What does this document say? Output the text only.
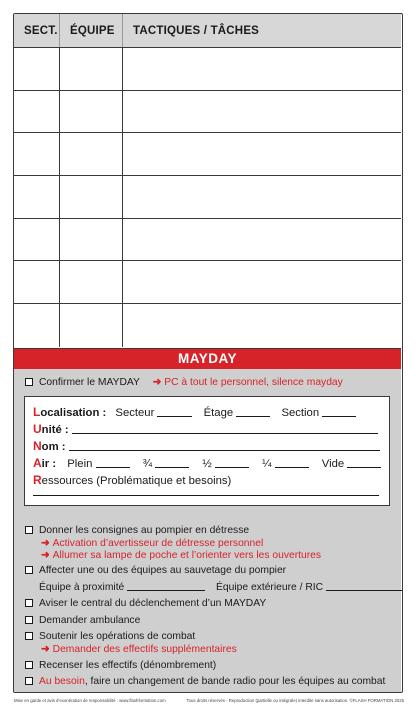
SECT.	ÉQUIPE	TACTIQUES / TÂCHES
MAYDAY
Confirmer le MAYDAY ➜ PC à tout le personnel, silence mayday
Localisation : Secteur	Étage	Section
Unité :
Nom :
Air : Plein	¾	½	¼	Vide
Ressources (Problématique et besoins)
Donner les consignes au pompier en détresse
➜ Activation d’avertisseur de détresse personnel
➜ Allumer sa lampe de poche et l’orienter vers les ouvertures
Affecter une ou des équipes au sauvetage du pompier
Équipe à proximité	Équipe extérieure / RIC
Aviser le central du déclenchement d’un MAYDAY
Demander ambulance
Soutenir les opérations de combat
➜ Demander des effectifs supplémentaires
Recenser les effectifs (dénombrement)
Au besoin, faire un changement de bande radio pour les équipes au combat

Mise en garde et avis d’exonération de responsabilité : www.flashformation.com	Tous droits réservés - Reproduction (partielle ou intégrale) interdite sans autorisation. ©FLASH FORMATION 2025
